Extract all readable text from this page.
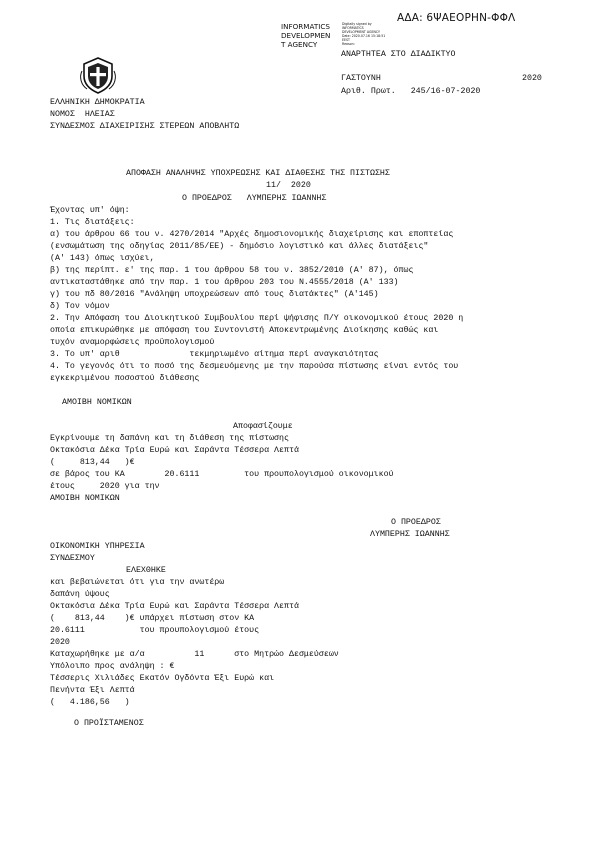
ΑΔΑ: 6ΨΑΕΟΡΗΝ-ΦΦΛ
INFORMATICS
DEVELOPMEN
T AGENCY
Digitally signed by
INFORMATICS
DEVELOPMENT AGENCY
Date: 2020.07.16 15:18:51
EEST
Reason:
ΑΝΑΡΤΗΤΕΑ ΣΤΟ ΔΙΑΔΙΚΤΥΟ
ΓΑΣΤΟΥΝΗ	2020
Αριθ. Πρωτ.   245/16-07-2020
ΕΛΛΗΝΙΚΗ ΔΗΜΟΚΡΑΤΙΑ
ΝΟΜΟΣ  ΗΛΕΙΑΣ
ΣΥΝΔΕΣΜΟΣ ΔΙΑΧΕΙΡΙΣΗΣ ΣΤΕΡΕΩΝ ΑΠΟΒΛΗΤΩ
ΑΠΟΦΑΣΗ ΑΝΑΛΗΨΗΣ ΥΠΟΧΡΕΩΣΗΣ ΚΑΙ ΔΙΑΘΕΣΗΣ ΤΗΣ ΠΙΣΤΩΣΗΣ
11/  2020
Ο ΠΡΟΕΔΡΟΣ   ΛΥΜΠΕΡΗΣ ΙΩΑΝΝΗΣ
Έχοντας υπ' όψη:
1. Τις διατάξεις:
α) του άρθρου 66 του ν. 4270/2014 "Αρχές δημοσιονομικής διαχείρισης και εποπτείας
(ενσωμάτωση της οδηγίας 2011/85/ΕΕ) - δημόσιο λογιστικό και άλλες διατάξεις"
(Α' 143) όπως ισχύει,
β) της περίπτ. ε' της παρ. 1 του άρθρου 58 του ν. 3852/2010 (Α' 87), όπως
αντικαταστάθηκε από την παρ. 1 του άρθρου 203 του Ν.4555/2018 (Α' 133)
γ) του πδ 80/2016 "Ανάληψη υποχρεώσεων από τους διατάκτες" (Α'145)
δ) Τον νόμον
2. Την Απόφαση του Διοικητικού Συμβουλίου περί ψήφισης Π/Υ οικονομικού έτους 2020 η
οποία επικυρώθηκε με απόφαση του Συντονιστή Αποκεντρωμένης Διοίκησης καθώς και
τυχόν αναμορφώσεις προϋπολογισμού
3. Το υπ' αριθ              τεκμηριωμένο αίτημα περί αναγκαιότητας
4. Το γεγονός ότι το ποσό της δεσμευόμενης με την παρούσα πίστωσης είναι εντός του
εγκεκριμένου ποσοστού διάθεσης
ΑΜΟΙΒΗ ΝΟΜΙΚΩΝ
Αποφασίζουμε
Εγκρίνουμε τη δαπάνη και τη διάθεση της πίστωσης
Οκτακόσια Δέκα Τρία Ευρώ και Σαράντα Τέσσερα Λεπτά
(     813,44   )€
σε βάρος του ΚΑ        20.6111         του προυπολογισμού οικονομικού
έτους     2020 για την
ΑΜΟΙΒΗ ΝΟΜΙΚΩΝ
Ο ΠΡΟΕΔΡΟΣ
ΛΥΜΠΕΡΗΣ ΙΩΑΝΝΗΣ
ΟΙΚΟΝΟΜΙΚΗ ΥΠΗΡΕΣΙΑ
ΣΥΝΔΕΣΜΟΥ
ΕΛΕΧΘΗΚΕ
και βεβαιώνεται ότι για την ανωτέρω
δαπάνη ύψους
Οκτακόσια Δέκα Τρία Ευρώ και Σαράντα Τέσσερα Λεπτά
(    813,44    )€ υπάρχει πίστωση στον ΚΑ
20.6111           του προυπολογισμού έτους
2020
Καταχωρήθηκε με α/α          11      στο Μητρώο Δεσμεύσεων
Υπόλοιπο προς ανάληψη : €
Τέσσερις Χιλιάδες Εκατόν Ογδόντα Έξι Ευρώ και
Πενήντα Έξι Λεπτά
(   4.186,56   )
Ο ΠΡΟΪΣΤΑΜΕΝΟΣ
